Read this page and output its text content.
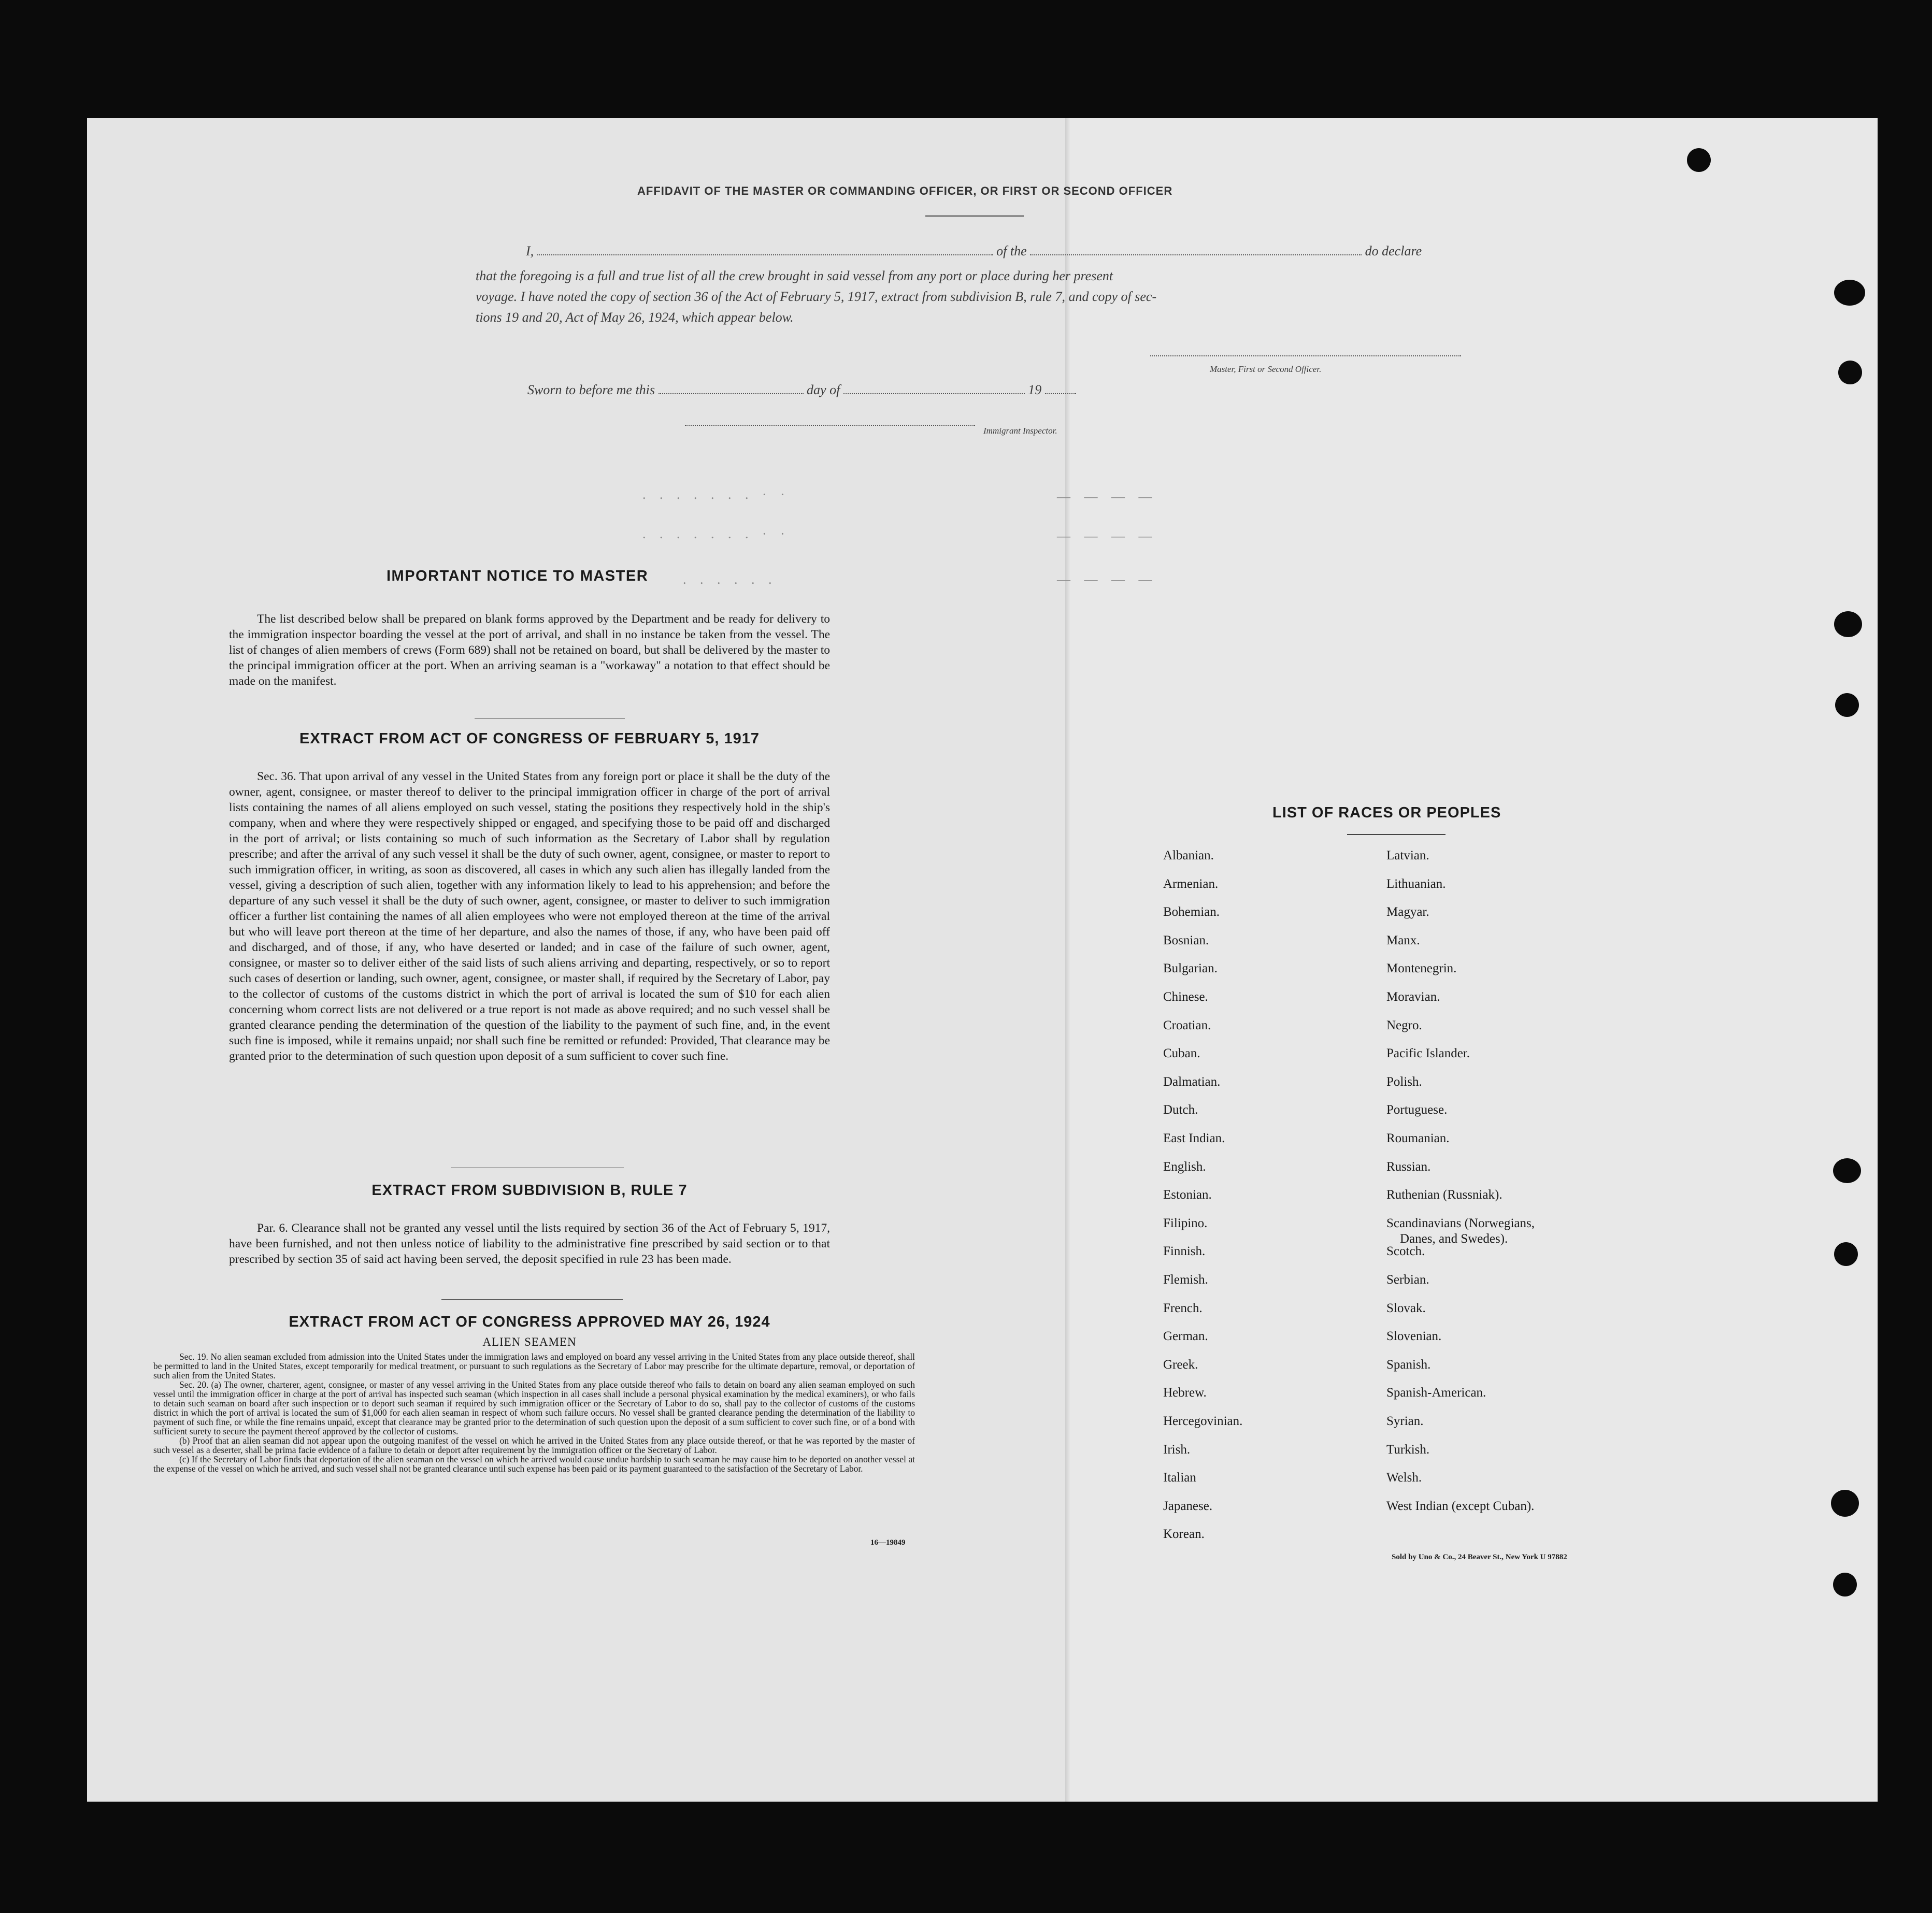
AFFIDAVIT OF THE MASTER OR COMMANDING OFFICER, OR FIRST OR SECOND OFFICER
I,	of the	do declare
that the foregoing is a full and true list of all the crew brought in said vessel from any port or place during her present
voyage. I have noted the copy of section 36 of the Act of February 5, 1917, extract from subdivision B, rule 7, and copy of sec-
tions 19 and 20, Act of May 26, 1924, which appear below.
Master, First or Second Officer.
Sworn to before me this	day of	19
Immigrant Inspector.
. . . . . . . · ·
. . . . . . . · ·
— — — —
— — — —
— — — —
. . . . . .
IMPORTANT NOTICE TO MASTER

The list described below shall be prepared on blank forms approved by the Department and be ready for delivery to the immigration inspector boarding the vessel at the port of arrival, and shall in no instance be taken from the vessel. The list of changes of alien members of crews (Form 689) shall not be retained on board, but shall be delivered by the master to the principal immigration officer at the port. When an arriving seaman is a "workaway" a notation to that effect should be made on the manifest.

EXTRACT FROM ACT OF CONGRESS OF FEBRUARY 5, 1917

Sec. 36. That upon arrival of any vessel in the United States from any foreign port or place it shall be the duty of the owner, agent, consignee, or master thereof to deliver to the principal immigration officer in charge of the port of arrival lists containing the names of all aliens employed on such vessel, stating the positions they respectively hold in the ship's company, when and where they were respectively shipped or engaged, and specifying those to be paid off and discharged in the port of arrival; or lists containing so much of such information as the Secretary of Labor shall by regulation prescribe; and after the arrival of any such vessel it shall be the duty of such owner, agent, consignee, or master to report to such immigration officer, in writing, as soon as discovered, all cases in which any such alien has illegally landed from the vessel, giving a description of such alien, together with any information likely to lead to his apprehension; and before the departure of any such vessel it shall be the duty of such owner, agent, consignee, or master to deliver to such immigration officer a further list containing the names of all alien employees who were not employed thereon at the time of the arrival but who will leave port thereon at the time of her departure, and also the names of those, if any, who have been paid off and discharged, and of those, if any, who have deserted or landed; and in case of the failure of such owner, agent, consignee, or master so to deliver either of the said lists of such aliens arriving and departing, respectively, or so to report such cases of desertion or landing, such owner, agent, consignee, or master shall, if required by the Secretary of Labor, pay to the collector of customs of the customs district in which the port of arrival is located the sum of $10 for each alien concerning whom correct lists are not delivered or a true report is not made as above required; and no such vessel shall be granted clearance pending the determination of the question of the liability to the payment of such fine, and, in the event such fine is imposed, while it remains unpaid; nor shall such fine be remitted or refunded: Provided, That clearance may be granted prior to the determination of such question upon deposit of a sum sufficient to cover such fine.

EXTRACT FROM SUBDIVISION B, RULE 7

Par. 6. Clearance shall not be granted any vessel until the lists required by section 36 of the Act of February 5, 1917, have been furnished, and not then unless notice of liability to the administrative fine prescribed by said section or to that prescribed by section 35 of said act having been served, the deposit specified in rule 23 has been made.

EXTRACT FROM ACT OF CONGRESS APPROVED MAY 26, 1924
ALIEN SEAMEN

Sec. 19. No alien seaman excluded from admission into the United States under the immigration laws and employed on board any vessel arriving in the United States from any place outside thereof, shall be permitted to land in the United States, except temporarily for medical treatment, or pursuant to such regulations as the Secretary of Labor may prescribe for the ultimate departure, removal, or deportation of such alien from the United States.

Sec. 20. (a) The owner, charterer, agent, consignee, or master of any vessel arriving in the United States from any place outside thereof who fails to detain on board any alien seaman employed on such vessel until the immigration officer in charge at the port of arrival has inspected such seaman (which inspection in all cases shall include a personal physical examination by the medical examiners), or who fails to detain such seaman on board after such inspection or to deport such seaman if required by such immigration officer or the Secretary of Labor to do so, shall pay to the collector of customs of the customs district in which the port of arrival is located the sum of $1,000 for each alien seaman in respect of whom such failure occurs. No vessel shall be granted clearance pending the determination of the liability to payment of such fine, or while the fine remains unpaid, except that clearance may be granted prior to the determination of such question upon the deposit of a sum sufficient to cover such fine, or of a bond with sufficient surety to secure the payment thereof approved by the collector of customs.

(b) Proof that an alien seaman did not appear upon the outgoing manifest of the vessel on which he arrived in the United States from any place outside thereof, or that he was reported by the master of such vessel as a deserter, shall be prima facie evidence of a failure to detain or deport after requirement by the immigration officer or the Secretary of Labor.

(c) If the Secretary of Labor finds that deportation of the alien seaman on the vessel on which he arrived would cause undue hardship to such seaman he may cause him to be deported on another vessel at the expense of the vessel on which he arrived, and such vessel shall not be granted clearance until such expense has been paid or its payment guaranteed to the satisfaction of the Secretary of Labor.

16—19849
LIST OF RACES OR PEOPLES
Albanian.
Armenian.
Bohemian.
Bosnian.
Bulgarian.
Chinese.
Croatian.
Cuban.
Dalmatian.
Dutch.
East Indian.
English.
Estonian.
Filipino.
Finnish.
Flemish.
French.
German.
Greek.
Hebrew.
Hercegovinian.
Irish.
Italian
Japanese.
Korean.
Latvian.
Lithuanian.
Magyar.
Manx.
Montenegrin.
Moravian.
Negro.
Pacific Islander.
Polish.
Portuguese.
Roumanian.
Russian.
Ruthenian (Russniak).
Scandinavians (Norwegians,
Danes, and Swedes).
Scotch.
Serbian.
Slovak.
Slovenian.
Spanish.
Spanish-American.
Syrian.
Turkish.
Welsh.
West Indian (except Cuban).
Sold by Uno & Co., 24 Beaver St., New York U 97882
